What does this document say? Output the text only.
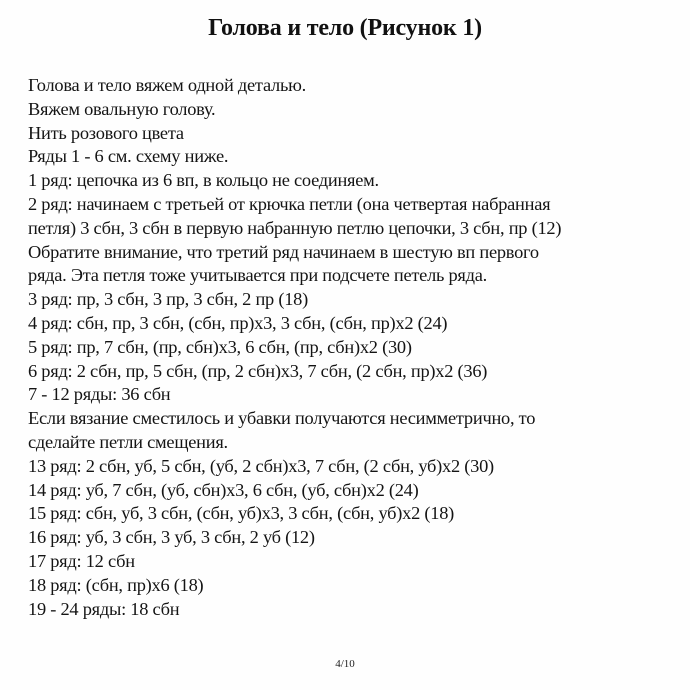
Голова и тело (Рисунок 1)
Голова и тело вяжем одной деталью.
Вяжем овальную голову.
Нить розового цвета
Ряды 1 - 6 см. схему ниже.
1 ряд: цепочка из 6 вп, в кольцо не соединяем.
2 ряд: начинаем с третьей от крючка петли (она четвертая набранная
петля) 3 сбн, 3 сбн в первую набранную петлю цепочки, 3 сбн, пр (12)
Обратите внимание, что третий ряд начинаем в шестую вп первого
ряда. Эта петля тоже учитывается при подсчете петель ряда.
3 ряд: пр, 3 сбн, 3 пр, 3 сбн, 2 пр (18)
4 ряд: сбн, пр, 3 сбн, (сбн, пр)х3, 3 сбн, (сбн, пр)х2 (24)
5 ряд: пр, 7 сбн, (пр, сбн)х3, 6 сбн, (пр, сбн)х2 (30)
6 ряд: 2 сбн, пр, 5 сбн, (пр, 2 сбн)х3, 7 сбн, (2 сбн, пр)х2 (36)
7 - 12 ряды: 36 сбн
Если вязание сместилось и убавки получаются несимметрично, то
сделайте петли смещения.
13 ряд: 2 сбн, уб, 5 сбн, (уб, 2 сбн)х3, 7 сбн, (2 сбн, уб)х2 (30)
14 ряд: уб, 7 сбн, (уб, сбн)х3, 6 сбн, (уб, сбн)х2 (24)
15 ряд: сбн, уб, 3 сбн, (сбн, уб)х3, 3 сбн, (сбн, уб)х2 (18)
16 ряд: уб, 3 сбн, 3 уб, 3 сбн, 2 уб (12)
17 ряд: 12 сбн
18 ряд: (сбн, пр)х6 (18)
19 - 24 ряды: 18 сбн
4/10
